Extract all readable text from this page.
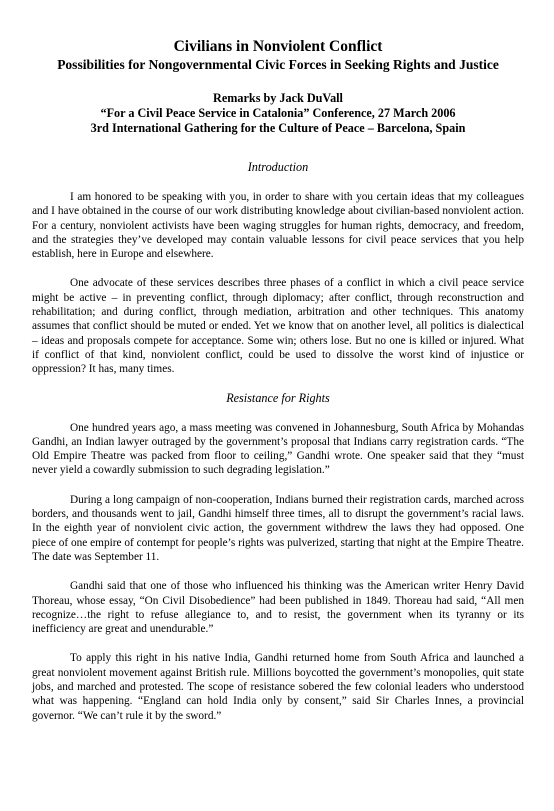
Civilians in Nonviolent Conflict
Possibilities for Nongovernmental Civic Forces in Seeking Rights and Justice
Remarks by Jack DuVall
“For a Civil Peace Service in Catalonia” Conference, 27 March 2006
3rd International Gathering for the Culture of Peace – Barcelona, Spain
Introduction

I am honored to be speaking with you, in order to share with you certain ideas that my colleagues and I have obtained in the course of our work distributing knowledge about civilian-based nonviolent action. For a century, nonviolent activists have been waging struggles for human rights, democracy, and freedom, and the strategies they’ve developed may contain valuable lessons for civil peace services that you help establish, here in Europe and elsewhere.

One advocate of these services describes three phases of a conflict in which a civil peace service might be active – in preventing conflict, through diplomacy; after conflict, through reconstruction and rehabilitation; and during conflict, through mediation, arbitration and other techniques. This anatomy assumes that conflict should be muted or ended. Yet we know that on another level, all politics is dialectical – ideas and proposals compete for acceptance. Some win; others lose. But no one is killed or injured. What if conflict of that kind, nonviolent conflict, could be used to dissolve the worst kind of injustice or oppression? It has, many times.

Resistance for Rights

One hundred years ago, a mass meeting was convened in Johannesburg, South Africa by Mohandas Gandhi, an Indian lawyer outraged by the government’s proposal that Indians carry registration cards. “The Old Empire Theatre was packed from floor to ceiling,” Gandhi wrote. One speaker said that they “must never yield a cowardly submission to such degrading legislation.”

During a long campaign of non-cooperation, Indians burned their registration cards, marched across borders, and thousands went to jail, Gandhi himself three times, all to disrupt the government’s racial laws. In the eighth year of nonviolent civic action, the government withdrew the laws they had opposed. One piece of one empire of contempt for people’s rights was pulverized, starting that night at the Empire Theatre. The date was September 11.

Gandhi said that one of those who influenced his thinking was the American writer Henry David Thoreau, whose essay, “On Civil Disobedience” had been published in 1849. Thoreau had said, “All men recognize…the right to refuse allegiance to, and to resist, the government when its tyranny or its inefficiency are great and unendurable.”

To apply this right in his native India, Gandhi returned home from South Africa and launched a great nonviolent movement against British rule. Millions boycotted the government’s monopolies, quit state jobs, and marched and protested. The scope of resistance sobered the few colonial leaders who understood what was happening. “England can hold India only by consent,” said Sir Charles Innes, a provincial governor. “We can’t rule it by the sword.”
